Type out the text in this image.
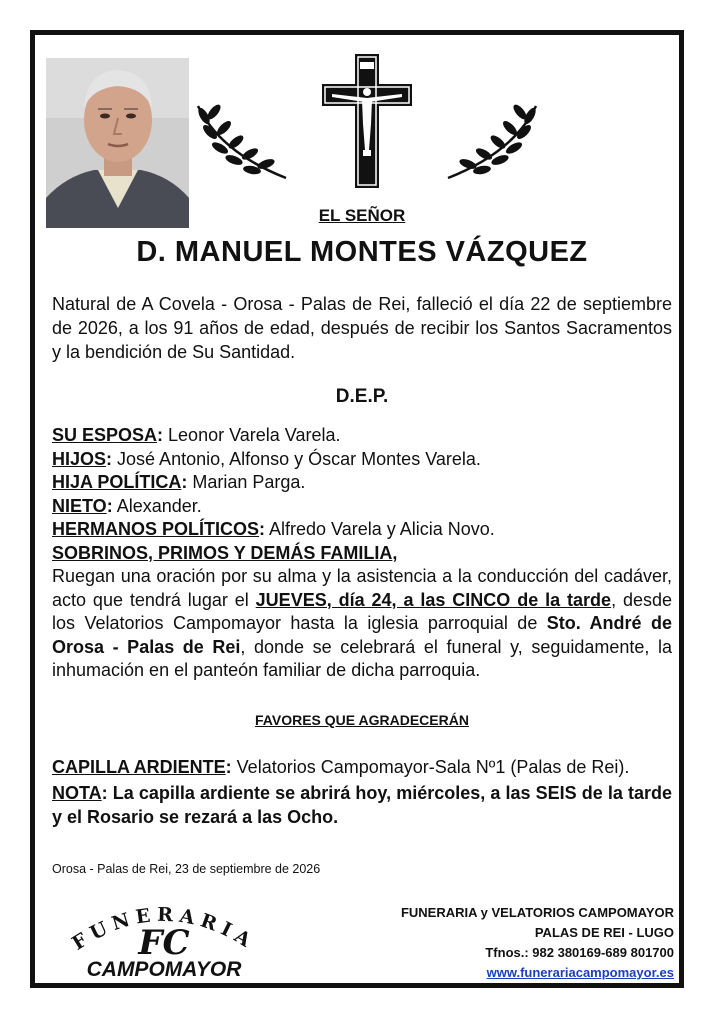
EL SEÑOR
D. MANUEL MONTES VÁZQUEZ
Natural de A Covela - Orosa - Palas de Rei, falleció el día 22 de septiembre de 2026, a los 91 años de edad, después de recibir los Santos Sacramentos y la bendición de Su Santidad.
D.E.P.
SU ESPOSA: Leonor Varela Varela.
HIJOS: José Antonio, Alfonso y Óscar Montes Varela.
HIJA POLÍTICA: Marian Parga.
NIETO: Alexander.
HERMANOS POLÍTICOS: Alfredo Varela y Alicia Novo.
SOBRINOS, PRIMOS Y DEMÁS FAMILIA,
Ruegan una oración por su alma y la asistencia a la conducción del cadáver, acto que tendrá lugar el JUEVES, día 24, a las CINCO de la tarde, desde los Velatorios Campomayor hasta la iglesia parroquial de Sto. André de Orosa - Palas de Rei, donde se celebrará el funeral y, seguidamente, la inhumación en el panteón familiar de dicha parroquia.
FAVORES QUE AGRADECERÁN
CAPILLA ARDIENTE: Velatorios Campomayor-Sala Nº1 (Palas de Rei).
NOTA: La capilla ardiente se abrirá hoy, miércoles, a las SEIS de la tarde y el Rosario se rezará a las Ocho.
Orosa - Palas de Rei, 23 de septiembre de 2026
FUNERARIA
FC
CAMPOMAYOR
FUNERARIA y VELATORIOS CAMPOMAYOR
PALAS DE REI - LUGO
Tfnos.: 982 380169-689 801700
www.funerariacampomayor.es
